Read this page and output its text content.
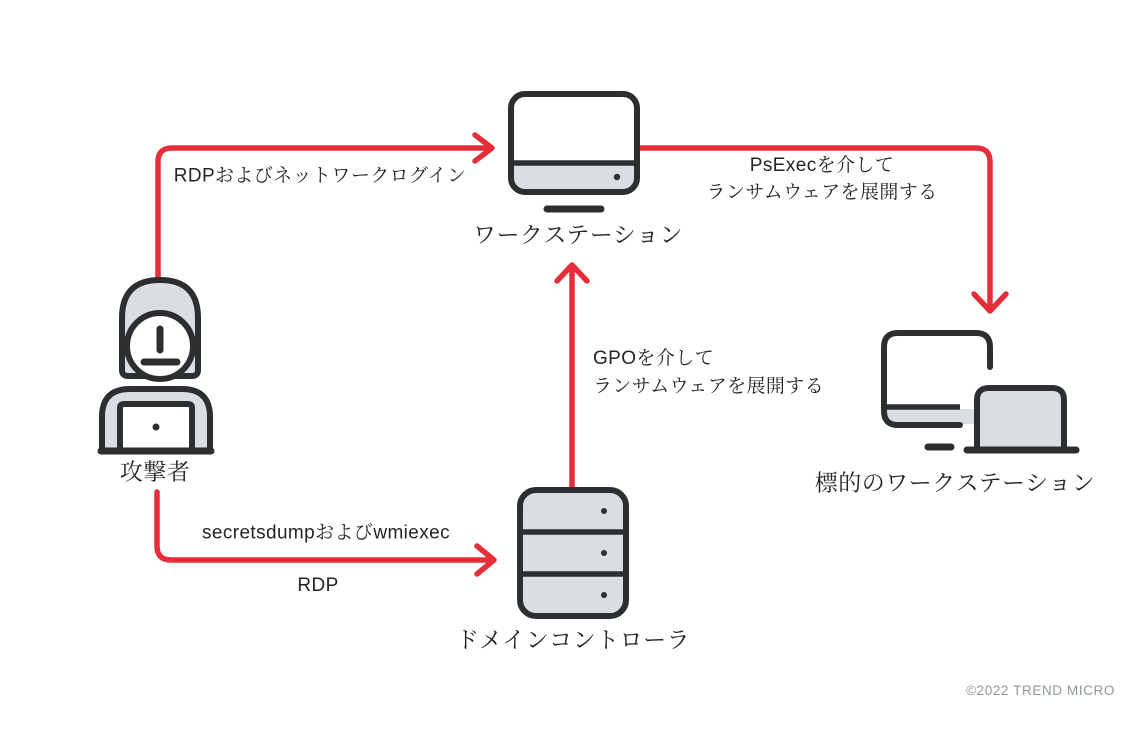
ワークステーション
攻撃者
ドメインコントローラ
標的のワークステーション
RDPおよびネットワークログイン	PsExecを介して
ランサムウェアを展開する
GPOを介して
ランサムウェアを展開する
secretsdumpおよびwmiexec
RDP
©2022 TREND MICRO
